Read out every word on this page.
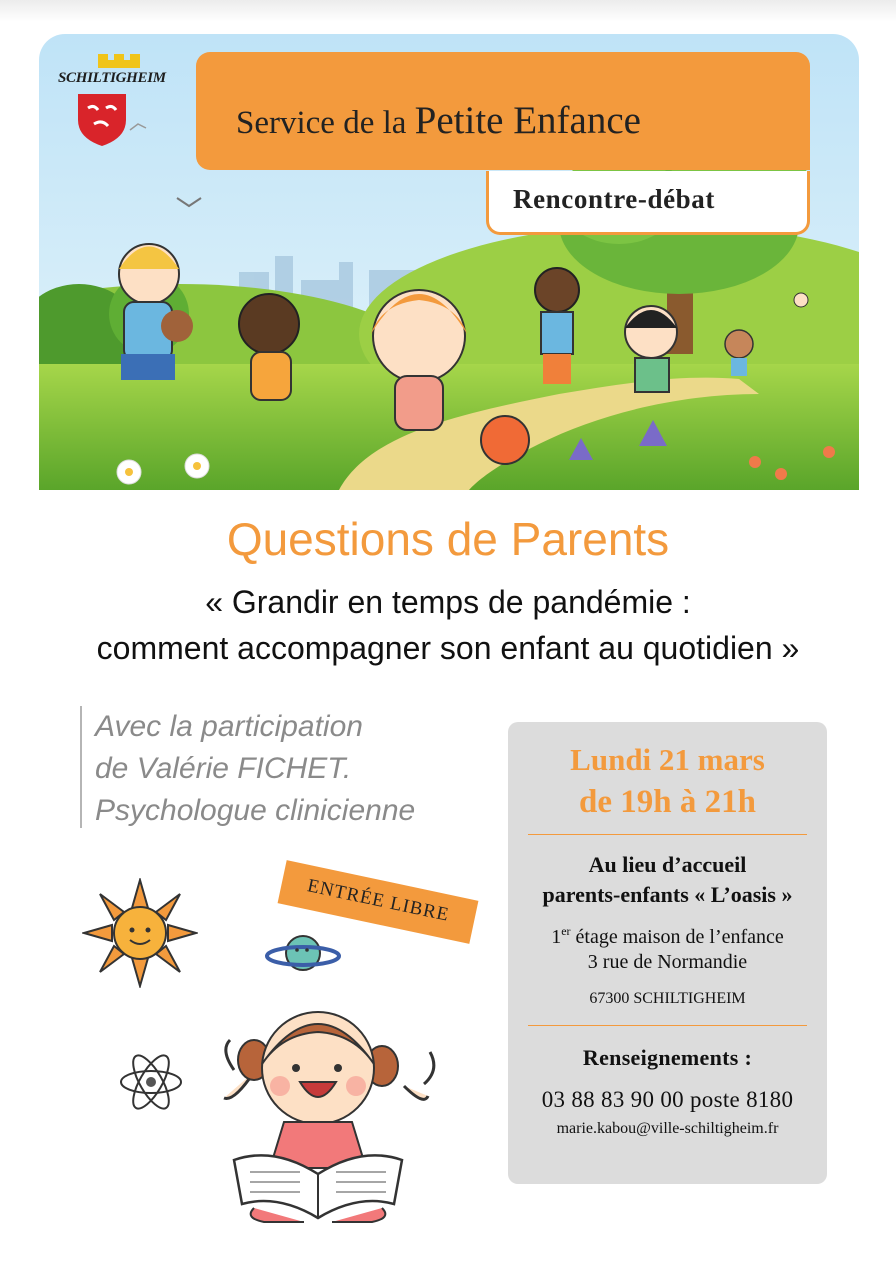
SCHILTIGHEIM
Service de la Petite Enfance
Rencontre-débat
Questions de Parents
« Grandir en temps de pandémie :
comment accompagner son enfant au quotidien »
Avec la participation
de Valérie FICHET.
Psychologue clinicienne
ENTRÉE LIBRE
Lundi 21 mars
de 19h à 21h
Au lieu d’accueil
parents-enfants « L’oasis »
1er étage maison de l’enfance
3 rue de Normandie
67300 SCHILTIGHEIM
Renseignements :
03 88 83 90 00 poste 8180
marie.kabou@ville-schiltigheim.fr
